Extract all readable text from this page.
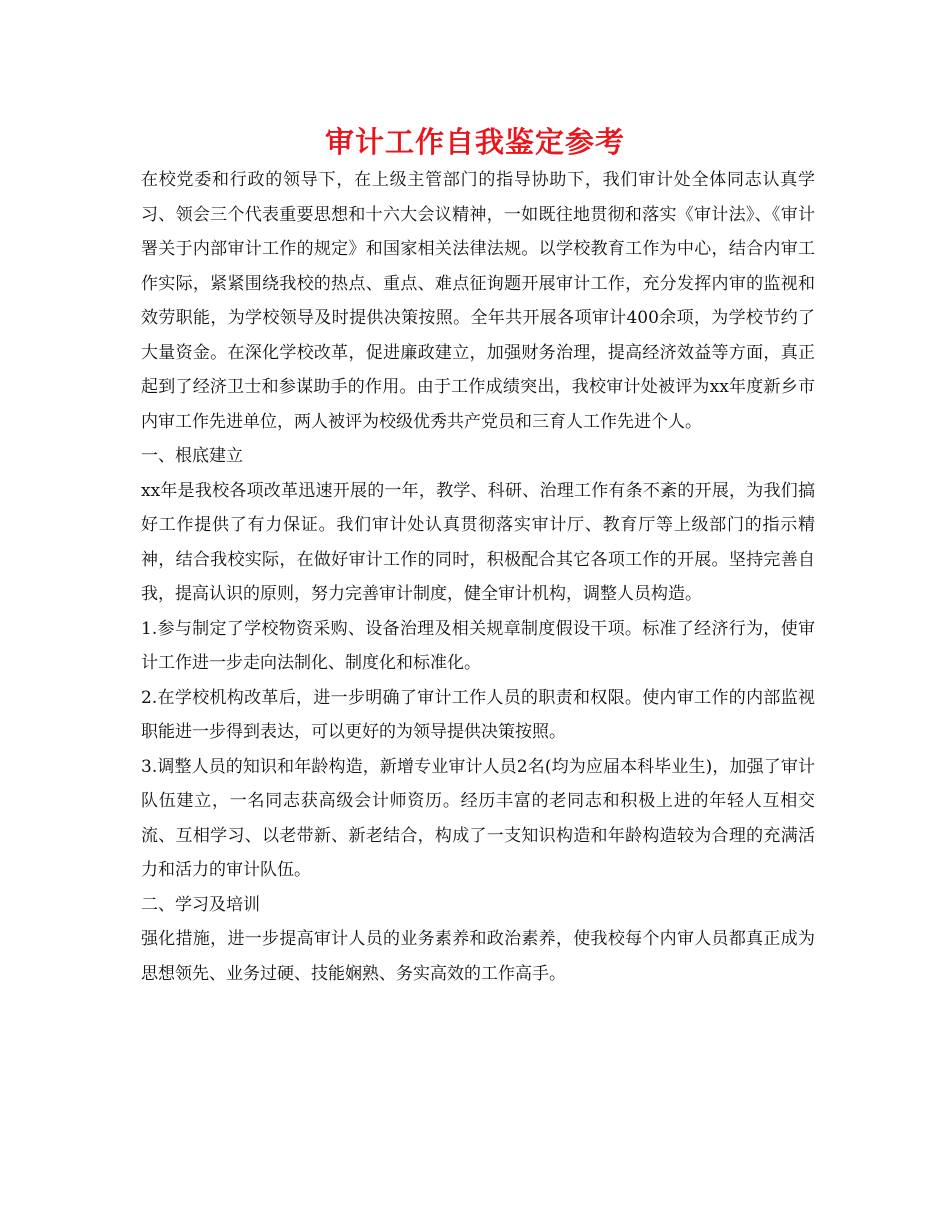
审计工作自我鉴定参考

在校党委和行政的领导下，在上级主管部门的指导协助下，我们审计处全体同志认真学习、领会三个代表重要思想和十六大会议精神，一如既往地贯彻和落实《审计法》、《审计署关于内部审计工作的规定》和国家相关法律法规。以学校教育工作为中心，结合内审工作实际，紧紧围绕我校的热点、重点、难点征询题开展审计工作，充分发挥内审的监视和效劳职能，为学校领导及时提供决策按照。全年共开展各项审计400余项，为学校节约了大量资金。在深化学校改革，促进廉政建立，加强财务治理，提高经济效益等方面，真正起到了经济卫士和参谋助手的作用。由于工作成绩突出，我校审计处被评为xx年度新乡市内审工作先进单位，两人被评为校级优秀共产党员和三育人工作先进个人。

一、根底建立

xx年是我校各项改革迅速开展的一年，教学、科研、治理工作有条不紊的开展，为我们搞好工作提供了有力保证。我们审计处认真贯彻落实审计厅、教育厅等上级部门的指示精神，结合我校实际，在做好审计工作的同时，积极配合其它各项工作的开展。坚持完善自我，提高认识的原则，努力完善审计制度，健全审计机构，调整人员构造。

1.参与制定了学校物资采购、设备治理及相关规章制度假设干项。标准了经济行为，使审计工作进一步走向法制化、制度化和标准化。

2.在学校机构改革后，进一步明确了审计工作人员的职责和权限。使内审工作的内部监视职能进一步得到表达，可以更好的为领导提供决策按照。

3.调整人员的知识和年龄构造，新增专业审计人员2名(均为应届本科毕业生)，加强了审计队伍建立，一名同志获高级会计师资历。经历丰富的老同志和积极上进的年轻人互相交流、互相学习、以老带新、新老结合，构成了一支知识构造和年龄构造较为合理的充满活力和活力的审计队伍。

二、学习及培训

强化措施，进一步提高审计人员的业务素养和政治素养，使我校每个内审人员都真正成为思想领先、业务过硬、技能娴熟、务实高效的工作高手。
